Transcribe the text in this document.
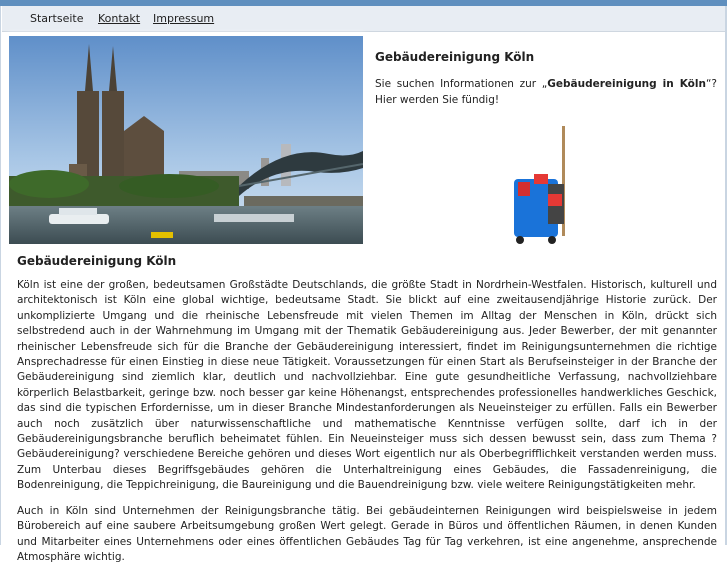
Startseite Kontakt Impressum
Gebäudereinigung Köln
Sie suchen Informationen zur „Gebäudereinigung in Köln“? Hier werden Sie fündig!
Gebäudereinigung Köln

Köln ist eine der großen, bedeutsamen Großstädte Deutschlands, die größte Stadt in Nordrhein-Westfalen. Historisch, kulturell und architektonisch ist Köln eine global wichtige, bedeutsame Stadt. Sie blickt auf eine zweitausendjährige Historie zurück. Der unkomplizierte Umgang und die rheinische Lebensfreude mit vielen Themen im Alltag der Menschen in Köln, drückt sich selbstredend auch in der Wahrnehmung im Umgang mit der Thematik Gebäudereinigung aus. Jeder Bewerber, der mit genannter rheinischer Lebensfreude sich für die Branche der Gebäudereinigung interessiert, findet im Reinigungsunternehmen die richtige Ansprechadresse für einen Einstieg in diese neue Tätigkeit. Voraussetzungen für einen Start als Berufseinsteiger in der Branche der Gebäudereinigung sind ziemlich klar, deutlich und nachvollziehbar. Eine gute gesundheitliche Verfassung, nachvollziehbare körperlich Belastbarkeit, geringe bzw. noch besser gar keine Höhenangst, entsprechendes professionelles handwerkliches Geschick, das sind die typischen Erfordernisse, um in dieser Branche Mindestanforderungen als Neueinsteiger zu erfüllen. Falls ein Bewerber auch noch zusätzlich über naturwissenschaftliche und mathematische Kenntnisse verfügen sollte, darf ich in der Gebäudereinigungsbranche beruflich beheimatet fühlen. Ein Neueinsteiger muss sich dessen bewusst sein, dass zum Thema ?Gebäudereinigung? verschiedene Bereiche gehören und dieses Wort eigentlich nur als Oberbegrifflichkeit verstanden werden muss. Zum Unterbau dieses Begriffsgebäudes gehören die Unterhaltreinigung eines Gebäudes, die Fassadenreinigung, die Bodenreinigung, die Teppichreinigung, die Baureinigung und die Bauendreinigung bzw. viele weitere Reinigungstätigkeiten mehr.

Auch in Köln sind Unternehmen der Reinigungsbranche tätig. Bei gebäudeinternen Reinigungen wird beispielsweise in jedem Bürobereich auf eine saubere Arbeitsumgebung großen Wert gelegt. Gerade in Büros und öffentlichen Räumen, in denen Kunden und Mitarbeiter eines Unternehmens oder eines öffentlichen Gebäudes Tag für Tag verkehren, ist eine angenehme, ansprechende Atmosphäre wichtig.
